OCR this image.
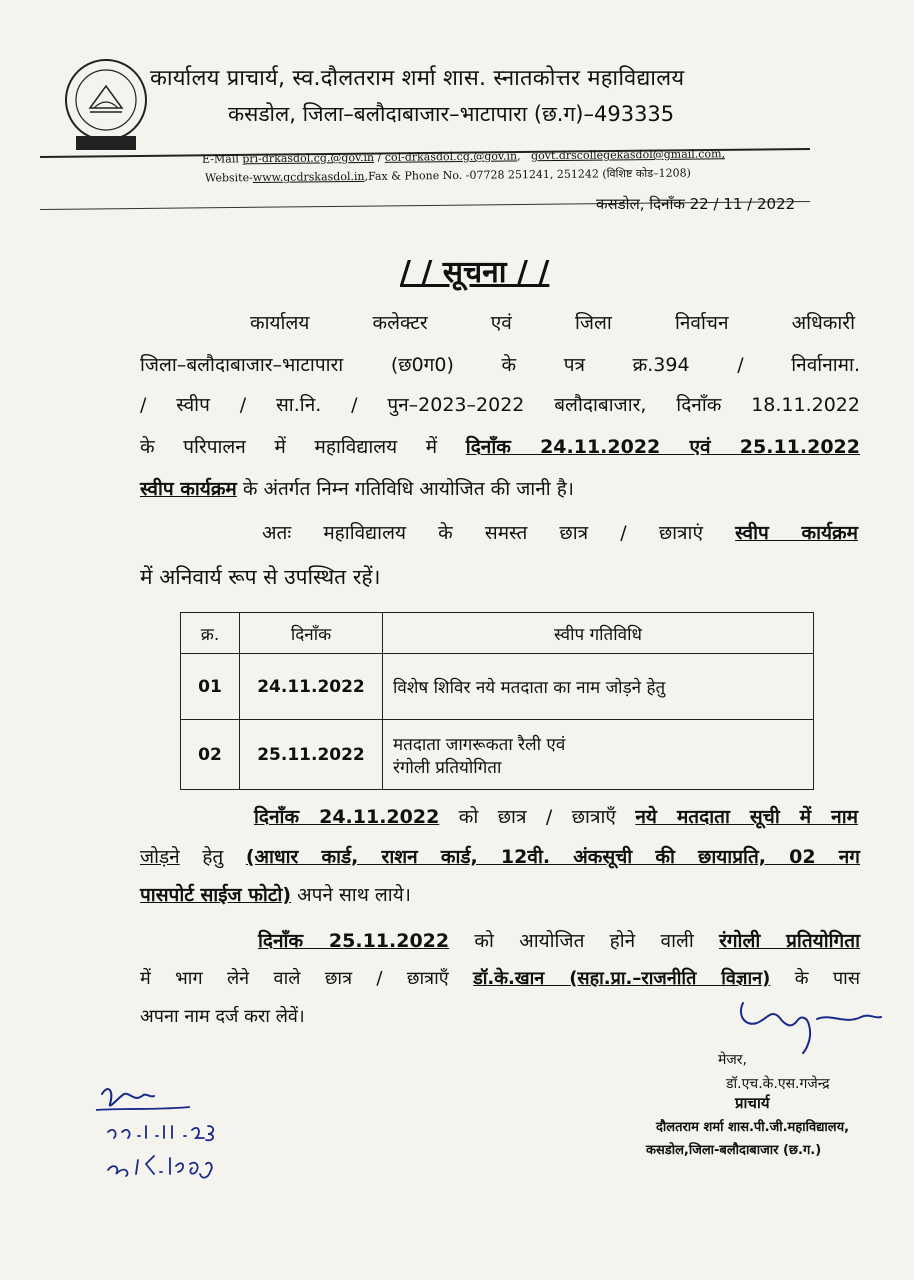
कार्यालय प्राचार्य, स्व.दौलतराम शर्मा शास. स्नातकोत्तर महाविद्यालय
कसडोल, जिला–बलौदाबाजार–भाटापारा (छ.ग)–493335
E-Mail pri-drkasdol.cg.@gov.in / col-drkasdol.cg.@gov.in,   govt.drscollegekasdol@gmail.com,
Website-www.gcdrskasdol.in,Fax & Phone No. -07728 251241, 251242 (विशिष्ट कोड–1208)
कसडोल, दिनाँक 22 / 11 / 2022
/ / सूचना / /
कार्यालय कलेक्टर एवं जिला निर्वाचन अधिकारी
जिला–बलौदाबाजार–भाटापारा (छ0ग0) के पत्र क्र.394 / निर्वानामा.
/ स्वीप / सा.नि. / पुन–2023–2022 बलौदाबाजार, दिनाँक 18.11.2022
के परिपालन में महाविद्यालय में दिनाँक 24.11.2022 एवं 25.11.2022
स्वीप कार्यक्रम के अंतर्गत निम्न गतिविधि आयोजित की जानी है।
अतः महाविद्यालय के समस्त छात्र / छात्राएं स्वीप कार्यक्रम
में अनिवार्य रूप से उपस्थित रहें।
क्र.	दिनाँक	स्वीप गतिविधि
01	24.11.2022	विशेष शिविर नये मतदाता का नाम जोड़ने हेतु

02	25.11.2022	मतदाता जागरूकता रैली एवं
रंगोली प्रतियोगिता
दिनाँक 24.11.2022 को छात्र / छात्राएँ नये मतदाता सूची में नाम
जोड़ने हेतु (आधार कार्ड, राशन कार्ड, 12वी. अंकसूची की छायाप्रति, 02 नग
पासपोर्ट साईज फोटो) अपने साथ लाये।
दिनाँक 25.11.2022 को आयोजित होने वाली रंगोली प्रतियोगिता
में भाग लेने वाले छात्र / छात्राएँ डॉ.के.खान (सहा.प्रा.–राजनीति विज्ञान) के पास
अपना नाम दर्ज करा लेवें।
मेजर,
डॉ.एच.के.एस.गजेन्द्र
प्राचार्य
दौलतराम शर्मा शास.पी.जी.महाविद्यालय,
कसडोल,जिला-बलौदाबाजार (छ.ग.)
